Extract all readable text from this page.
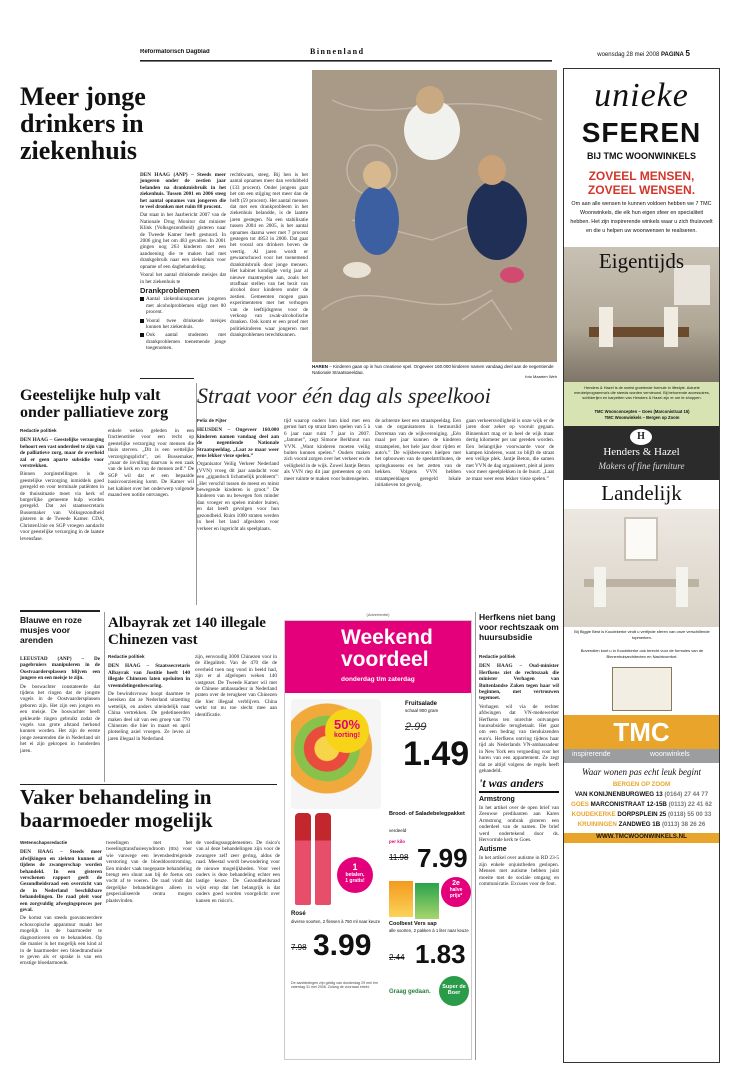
Reformatorisch Dagblad	Binnenland	woensdag 28 mei 2008 PAGINA 5
Meer jonge drinkers in ziekenhuis

DEN HAAG (ANP) – Steeds meer jongeren onder de zestien jaar belanden na drankmisbruik in het ziekenhuis. Tussen 2001 en 2006 steeg het aantal opnames van jongeren die te veel dronken met ruim 80 procent.

Dat staat in het Jaarbericht 2007 van de Nationale Drug Monitor dat minister Klink (Volksgezondheid) gisteren naar de Tweede Kamer heeft gestuurd. In 2006 ging het om 483 gevallen. In 2001 gingen nog 263 kinderen met een aandoening die te maken had met drankgebruik naar een ziekenhuis voor opname of een dagbehandeling.

Vooral het aantal drinkende meisjes dat in het ziekenhuis te

Drankproblemen
Aantal ziekenhuisopnames jongeren met alcoholproblemen stijgt met 80 procent.
Vooral twee drinkende meisjes kunnen het ziekenhuis.
Ook aantal studenten met drankproblemen toenemende jonge toegenomen.
rechtkwam, steeg. Bij hen is het aantal opnames meer dan verdubbeld (133 procent). Onder jongens gaat het om een stijging met meer dan de helft (59 procent). Het aantal mensen dat met een drankprobleem in het ziekenhuis belandde, is de laatste jaren gestegen. Na een stabilisatie tussen 2004 en 2005, is het aantal opnames daarna weer met 7 procent gestegen tot 4853 in 2006. Dat gaat het vooral om drinkers boven de veertig. Al jaren wordt er gewaarschuwd voor het toenemend drankmisbruik door jonge mensen. Het kabinet kondigde vorig jaar al nieuwe maatregelen aan, zoals het strafbaar stellen van het bezit van alcohol door kinderen onder de zestien. Gemeenten mogen gaan experimenteren met het verhogen van de leeftijdsgrens voor de verkoop van zwak-alcoholische dranken. Ook komt er een proef met politiekinderen waar jongeren met drankproblemen terechtkunnen.
HAREN – Kinderen gaan op in hun creatieve spel. Ongeveer 160.000 kinderen namen vandaag deel aan de negentiende Nationale Straatspeeldag.
foto Maarten Weh
Straat voor één dag als speelkooi
Felix de Fijter

HEUSDEN – Ongeveer 160.000 kinderen namen vandaag deel aan de negentiende Nationale Straatspeeldag. „Laat ze maar weer eens lekker vieze spelen.”

Organisator Veilig Verkeer Nederland (VVN) vroeg dit jaar aandacht voor een „gigantisch lichamelijk probleem”: „Het verschil tussen de meest en minst bewegende kinderen is groot.” De kinderen van nu bewegen fors minder dan vroeger en spelen minder buiten, en dat heeft gevolgen voor hun gezondheid. Ruim 1000 straten werden in heel het land afgesloten voor verkeer en ingericht als speelplaats.

tijd waarop ouders hun kind met een gerust hart op straat laten spelen van 5 à 6 jaar naar ruim 7 jaar in 2007. „Jammer”, zegt Simone Berkhout van VVN. „Want kinderen moeten veilig buiten kunnen spelen.” Ouders maken zich vooral zorgen over het verkeer en de veiligheid in de wijk. Zowel Jantje Beton als VVN riep dit jaar gemeenten op om meer ruimte te maken voor buitenspelen.
de achterste keer een straatspeeldag. Een van de organisatoren is bestuurslid Dorreman van de wijkvereniging. „Eén maal per jaar kunnen de kinderen straatspelen, het hele jaar door rijden er auto's.” De wijkbewoners hielpen met het opbouwen van de speelattributen, de springkussens en het zetten van de hekken. Volgens VVN hebben straatspeeldagen geregeld lokale initiatieven tot gevolg.
gaan verkeersveiligheid is onze wijk er de jaren door zeker op vooruit gegaan. Binnenkort mag er in heel de wijk maar dertig kilometer per uur gereden worden. Een belangrijke voorwaarde voor de kampen kinderen, want zo blijft de straat een veilige plek. Jantje Beton, die samen met VVN de dag organiseert, pleit al jaren voor meer speelplekken in de buurt. „Laat ze maar weer eens lekker vieze spelen.”
Geestelijke hulp valt onder palliatieve zorg
Redactie politiek

DEN HAAG – Geestelijke verzorging behoort een vast onderdeel te zijn van de palliatieve zorg, maar de overheid zal er geen aparte subsidie voor verstrekken.

Binnen zorginstellingen is de geestelijke verzorging inmiddels goed geregeld en voor terminale patiënten in de thuissituatie moet via kerk of burgerlijke gemeente hulp worden geregeld. Dat zei staatssecretaris Bussemaker van Volksgezondheid gisteren in de Tweede Kamer. CDA, ChristenUnie en SGP vroegen aandacht voor geestelijke verzorging in de laatste levensfase.

enkele weken geleden in een fractienotitie voor een recht op geestelijke verzorging voor mensen die thuis sterven. „Dit is een wettelijke verzorgingsplicht”, zei Bussemaker, „maar de invulling daarvan is een zaak van de kerk en van de mensen zelf.” De SGP wil dat er een bepaalde basisvoorziening komt. De Kamer wil het kabinet over het onderwerp volgende maand een notitie ontvangen.
Blauwe en roze musjes voor arenden

LEEUSTAD (ANP) – De pagebruiers manipuleren in de Oostvaardersplassen blijven een jongere en een meisje te zijn.

De boswachter constateerde dat tijdens het ringen dat de jongste vogels in de Oostvaardersplassen geboren zijn. Het zijn een jongen en een meisje. De boswachter heeft gekleurde ringen gebruikt zodat de vogels van grote afstand herkend kunnen worden. Het zijn de eerste jonge zeearenden die in Nederland uit het ei zijn gekropen in honderden jaren.

Albayrak zet 140 illegale Chinezen vast
Redactie politiek

DEN HAAG – Staatssecretaris Albayrak van Justitie heeft 140 illegale Chinezen laten opsluiten in vreemdelingenbewaring.

De bewindsvrouw hoopt daarmee te bereiken dat ze Nederland uitzetting wettelijk, en anders uiteindelijk naar China vertrekken. De gedetineerden maken deel uit van een groep van 770 Chinezen die hier in maart en april plotseling asiel vroegen. Ze leven al jaren illegaal in Nederland.

zijn, eenvoudig 3000 Chinezen voor in de illegaliteit. Van de 470 die de overheid toen nog vond in beeld had, zijn er al afgelopen weken 140 vastgezet. De Tweede Kamer wil met de Chinese ambassadeur in Nederland praten over de terugkeer van Chinezen die hier illegaal verblijven. China werkt tot nu toe slecht mee aan identificatie.
(Advertentie)
Weekend
voordeel
donderdag t/m zaterdag
50%
korting!
Fruitsalade
schaal 900 gram
2.99
1.49
1
betalen,
1 gratis!
Brood- of Saladebelegpakket
verdeeld
per kilo
11.98 7.99
Rosé
diverse soorten, 2 flessen à 750 ml naar keuze
7.98 3.99
2e
halve
prijs*
Coolbest Vers sap
alle soorten, 2 pakken à 1 liter naar keuze
2.44 1.83
De aanbiedingen zijn geldig van donderdag 29 mei t/m zaterdag 31 mei 2008. Zolang de voorraad strekt.
Graag gedaan.
Super de Boer
Vaker behandeling in baarmoeder mogelijk
Wetenschapsredactie

DEN HAAG – Steeds meer afwijkingen en ziekten kunnen al tijdens de zwangerschap worden behandeld. In een gisteren verschenen rapport geeft de Gezondheidsraad een overzicht van de in Nederland beschikbare behandelingen. De raad pleit voor een zorgvuldig afwegingsproces per geval.

De komst van steeds geavanceerdere echoscopische apparatuur maakt het mogelijk in de baarmoeder te diagnosticeren en te behandelen. Op die manier is het mogelijk een kind al in de baarmoeder een bloedtransfusie te geven als er sprake is van een ernstige bloedarmoede.

tweelingen met het tweelingtransfusiesyndroom (ttts) voor wie vanwege een levensbedreigende verstoring van de bloeddoorstroming. Een minder vaak toegepaste behandeling brengt een shunt aan bij de foetus om vocht af te voeren. De raad vindt dat dergelijke behandelingen alleen in gespecialiseerde centra mogen plaatsvinden.
de voedingssupplementen. De risico's van al deze behandelingen zijn voor de zwangere zelf zeer gering, aldus de raad. Meestal wordt bewondering voor de nieuwe mogelijkheden. Voor veel ouders is deze behandeling echter een lastige keuze. De Gezondheidsraad wijst erop dat het belangrijk is dat ouders goed worden voorgelicht over kansen en risico's.
Herfkens niet bang voor rechtszaak om huursubsidie
Redactie politiek

DEN HAAG – Oud-minister Herfkens ziet de rechtszaak die minister Verhagen van Buitenlandse Zaken tegen haar wil beginnen, met vertrouwen tegemoet.

Verhagen wil via de rechter afdwingen dat VN-medewerker Herfkens ten onrechte ontvangen huursubsidie terugbetaalt. Het gaat om een bedrag van tienduizenden euro's. Herfkens ontving tijdens haar tijd als Nederlands VN-ambassadeur in New York een vergoeding voor het huren van een appartement. Ze zegt dat ze altijd volgens de regels heeft gehandeld.

't was anders
Armstrong
In het artikel over de open brief van Zeeuwse predikanten aan Karen Armstrong ontbrak gisteren een onderdeel van de namen. De brief werd ondertekend door ds. Hervormde kerk te Goes.
Autisme
In het artikel over autisme in RD 23-5 zijn enkele onjuistheden geslopen. Mensen met autisme hebben juist moeite met de sociale omgang en communicatie. Excuses voor de fout.
unieke
SFEREN
BIJ TMC WOONWINKELS
ZOVEEL MENSEN,
ZOVEEL WENSEN.
Om aan alle wensen te kunnen voldoen hebben we 7 TMC Woonwinkels, die elk hun eigen sfeer en specialiteit hebben. Het zijn inspirerende winkels waar u zich thuisvoelt en die u helpen uw woonwensen te realiseren.
Eigentijds
Henders & Hazel is de snelst groeiende formule in lifestyle. Actuele meubelprogramma's die steeds worden vernieuwd. Bij behorende accessoires, schilderijen en karpetten van Henders & Hazel zijn er om te shoppen.
TMC Woonconcepten – Goes (Marconistraat 15)
TMC Woonwinkels – Bergen op Zoom
H
Henders & Hazel
Makers of fine furniture
Landelijk
Bij Biggie Best is Koudekerke vindt u verfijnde sferen van onze verschillende topmerken.
Bovendien kunt u in Koudekerke ook terecht voor de formules van de Binnenhuisarchitecten en Nachtcomfort.
TMC
inspirerende	woonwinkels
Waar wonen pas echt leuk begint
BERGEN OP ZOOM
VAN KONIJNENBURGWEG 13 (0164) 27 44 77
GOES MARCONISTRAAT 12-15B (0113) 22 41 62
KOUDEKERKE DORPSPLEIN 25 (0118) 55 00 33
KRUININGEN ZANDWEG 1B (0113) 38 26 26
WWW.TMCWOONWINKELS.NL
